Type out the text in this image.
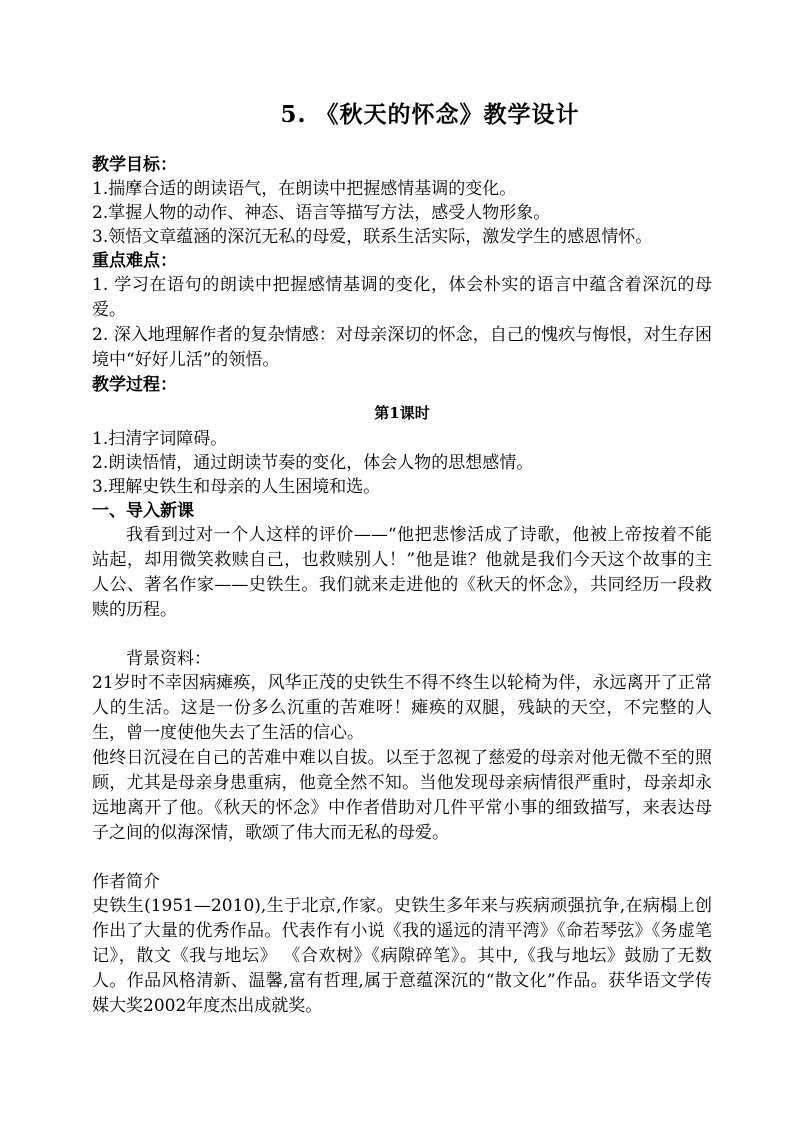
5. 《秋天的怀念》教学设计
教学目标：
1.揣摩合适的朗读语气，在朗读中把握感情基调的变化。
2.掌握人物的动作、神态、语言等描写方法，感受人物形象。
3.领悟文章蕴涵的深沉无私的母爱，联系生活实际，激发学生的感恩情怀。
重点难点：
1. 学习在语句的朗读中把握感情基调的变化，体会朴实的语言中蕴含着深沉的母爱。
2. 深入地理解作者的复杂情感：对母亲深切的怀念，自己的愧疚与悔恨，对生存困境中“好好儿活”的领悟。
教学过程：
第1课时
1.扫清字词障碍。
2.朗读悟情，通过朗读节奏的变化，体会人物的思想感情。
3.理解史铁生和母亲的人生困境和选。
一、导入新课
我看到过对一个人这样的评价——“他把悲惨活成了诗歌，他被上帝按着不能站起，却用微笑救赎自己，也救赎别人！”他是谁？他就是我们今天这个故事的主人公、著名作家——史铁生。我们就来走进他的《秋天的怀念》，共同经历一段救赎的历程。
背景资料：
21岁时不幸因病瘫痪，风华正茂的史铁生不得不终生以轮椅为伴，永远离开了正常人的生活。这是一份多么沉重的苦难呀！瘫痪的双腿，残缺的天空，不完整的人生，曾一度使他失去了生活的信心。
他终日沉浸在自己的苦难中难以自拔。以至于忽视了慈爱的母亲对他无微不至的照顾，尤其是母亲身患重病，他竟全然不知。当他发现母亲病情很严重时，母亲却永远地离开了他。《秋天的怀念》中作者借助对几件平常小事的细致描写，来表达母子之间的似海深情，歌颂了伟大而无私的母爱。
作者简介
史铁生(1951—2010),生于北京,作家。史铁生多年来与疾病顽强抗争,在病榻上创作出了大量的优秀作品。代表作有小说《我的遥远的清平湾》《命若琴弦》《务虚笔记》，散文《我与地坛》 《合欢树》《病隙碎笔》。其中,《我与地坛》鼓励了无数人。作品风格清新、温馨,富有哲理,属于意蕴深沉的“散文化”作品。获华语文学传媒大奖2002年度杰出成就奖。
